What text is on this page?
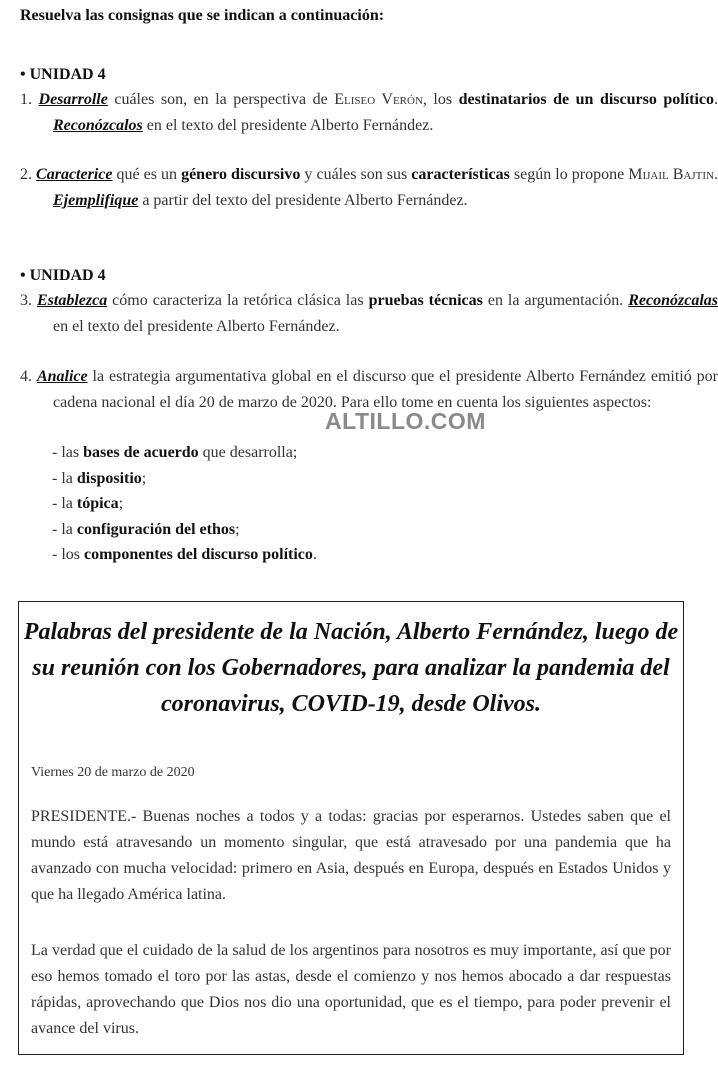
Resuelva las consignas que se indican a continuación:
• UNIDAD 4
1. Desarrolle cuáles son, en la perspectiva de Eliseo Verón, los destinatarios de un discurso político. Reconózcalos en el texto del presidente Alberto Fernández.
2. Caracterice qué es un género discursivo y cuáles son sus características según lo propone Mijail Bajtin. Ejemplifique a partir del texto del presidente Alberto Fernández.
• UNIDAD 4
3. Establezca cómo caracteriza la retórica clásica las pruebas técnicas en la argumentación. Reconózcalas en el texto del presidente Alberto Fernández.
4. Analice la estrategia argumentativa global en el discurso que el presidente Alberto Fernández emitió por cadena nacional el día 20 de marzo de 2020. Para ello tome en cuenta los siguientes aspectos:
- las bases de acuerdo que desarrolla;
- la dispositio;
- la tópica;
- la configuración del ethos;
- los componentes del discurso político.
ALTILLO.COM
Palabras del presidente de la Nación, Alberto Fernández, luego de su reunión con los Gobernadores, para analizar la pandemia del coronavirus, COVID-19, desde Olivos.
Viernes 20 de marzo de 2020
PRESIDENTE.- Buenas noches a todos y a todas: gracias por esperarnos. Ustedes saben que el mundo está atravesando un momento singular, que está atravesado por una pandemia que ha avanzado con mucha velocidad: primero en Asia, después en Europa, después en Estados Unidos y que ha llegado América latina.
La verdad que el cuidado de la salud de los argentinos para nosotros es muy importante, así que por eso hemos tomado el toro por las astas, desde el comienzo y nos hemos abocado a dar respuestas rápidas, aprovechando que Dios nos dio una oportunidad, que es el tiempo, para poder prevenir el avance del virus.
